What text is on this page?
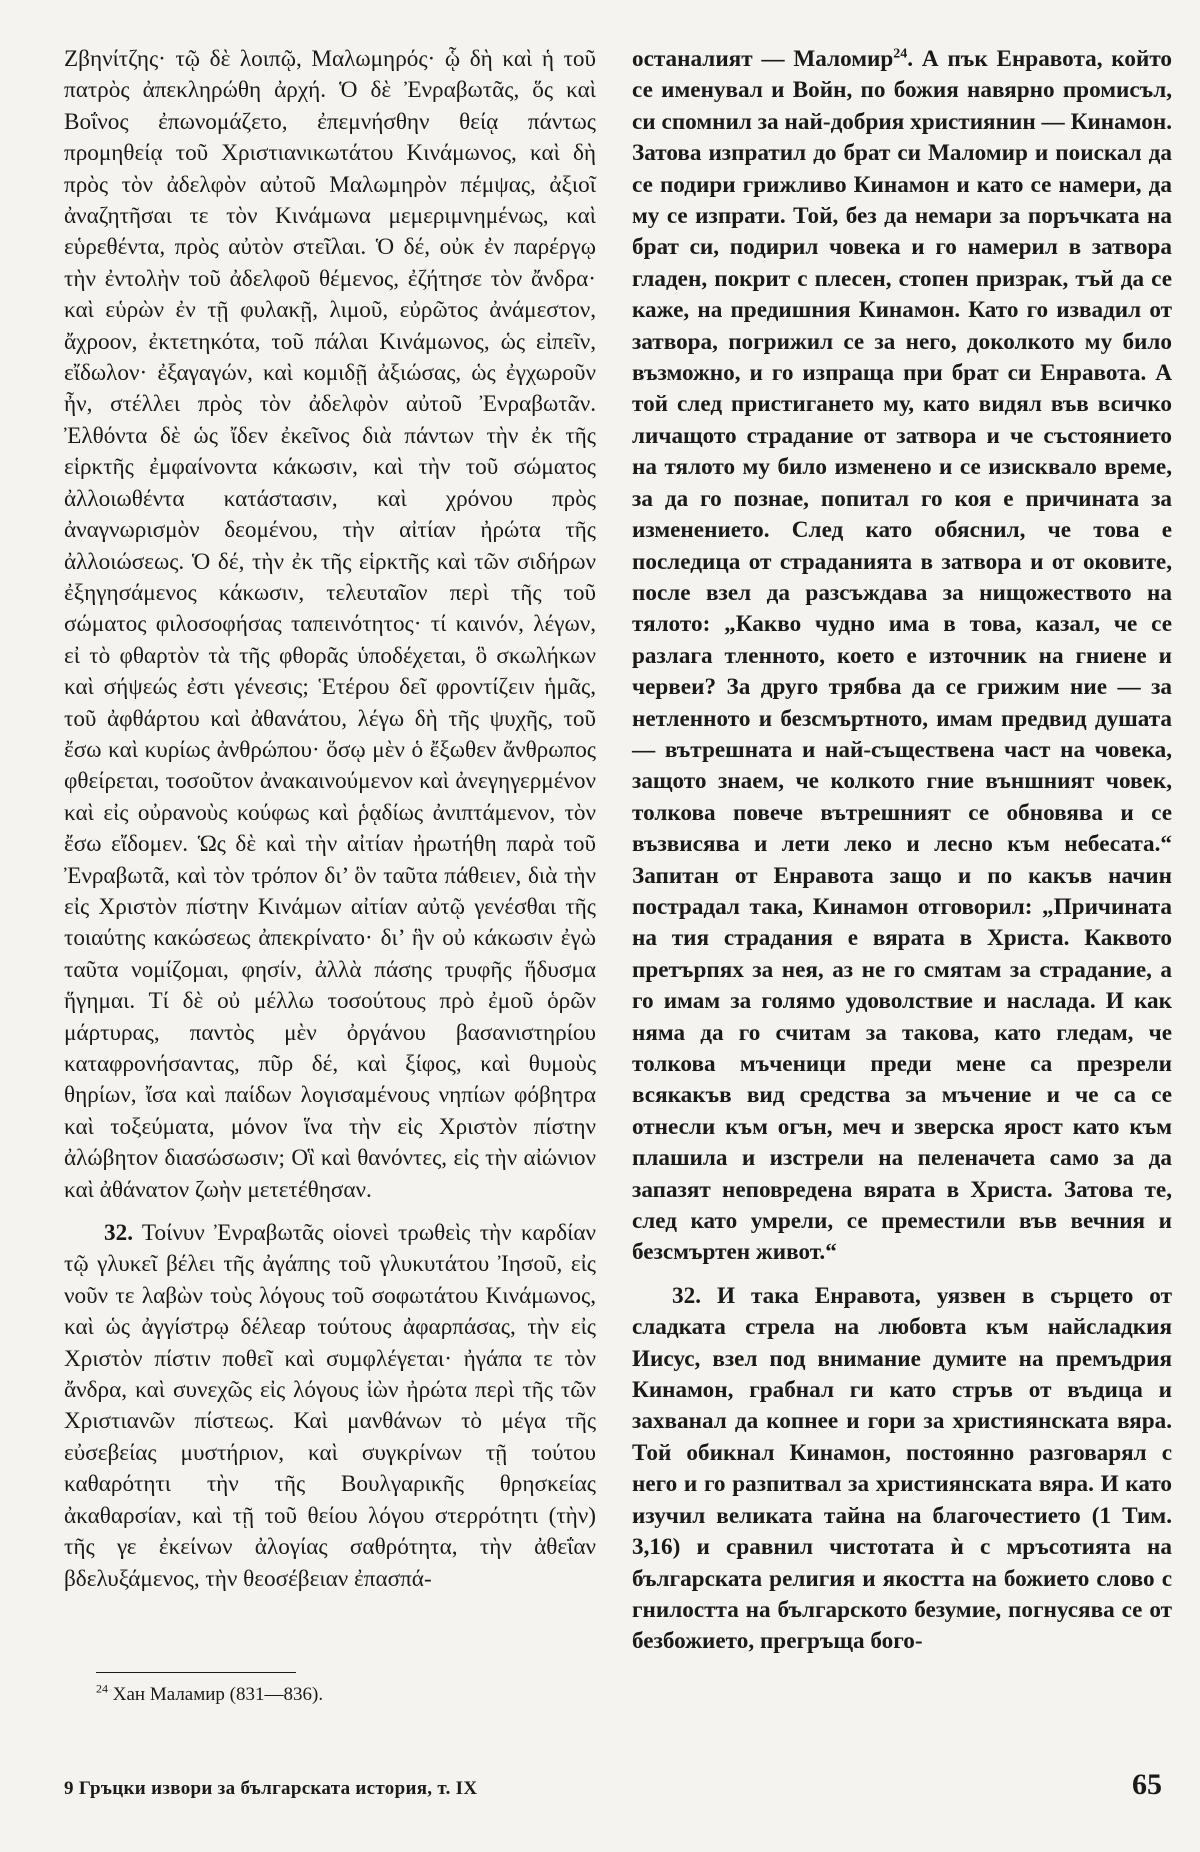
Ζβηνίτζης· τῷ δὲ λοιπῷ, Μαλωμηρός· ᾧ δὴ καὶ ἡ τοῦ πατρὸς ἀπεκληρώθη ἀρχή. Ὁ δὲ Ἐνραβωτᾶς, ὅς καὶ Βοΐνος ἐπωνομάζετο, ἐπεμνήσθην θείᾳ πάντως προμηθείᾳ τοῦ Χριστιανικωτάτου Κινάμωνος, καὶ δὴ πρὸς τὸν ἀδελφὸν αὐτοῦ Μαλωμηρὸν πέμψας, ἀξιοῖ ἀναζητῆσαι τε τὸν Κινάμωνα μεμεριμνημένως, καὶ εὑρεθέντα, πρὸς αὐτὸν στεῖλαι. Ὁ δέ, οὐκ ἐν παρέργῳ τὴν ἐντολὴν τοῦ ἀδελφοῦ θέμενος, ἐζήτησε τὸν ἄνδρα· καὶ εὑρὼν ἐν τῇ φυλακῇ, λιμοῦ, εὐρῶτος ἀνάμεστον, ἄχροον, ἐκτετηκότα, τοῦ πάλαι Κινάμωνος, ὡς εἰπεῖν, εἴδωλον· ἐξαγαγών, καὶ κομιδῇ ἀξιώσας, ὡς ἐγχωροῦν ἦν, στέλλει πρὸς τὸν ἀδελφὸν αὐτοῦ Ἐνραβωτᾶν. Ἐλθόντα δὲ ὡς ἴδεν ἐκεῖνος διὰ πάντων τὴν ἐκ τῆς εἱρκτῆς ἐμφαίνοντα κάκωσιν, καὶ τὴν τοῦ σώματος ἀλλοιωθέντα κατάστασιν, καὶ χρόνου πρὸς ἀναγνωρισμὸν δεομένου, τὴν αἰτίαν ἠρώτα τῆς ἀλλοιώσεως. Ὁ δέ, τὴν ἐκ τῆς εἱρκτῆς καὶ τῶν σιδήρων ἐξηγησάμενος κάκωσιν, τελευταῖον περὶ τῆς τοῦ σώματος φιλοσοφήσας ταπεινότητος· τί καινόν, λέγων, εἰ τὸ φθαρτὸν τὰ τῆς φθορᾶς ὑποδέχεται, ὃ σκωλήκων καὶ σήψεώς ἐστι γένεσις; Ἑτέρου δεῖ φροντίζειν ἡμᾶς, τοῦ ἀφθάρτου καὶ ἀθανάτου, λέγω δὴ τῆς ψυχῆς, τοῦ ἔσω καὶ κυρίως ἀνθρώπου· ὅσῳ μὲν ὁ ἔξωθεν ἄνθρωπος φθείρεται, τοσοῦτον ἀνακαινούμενον καὶ ἀνεγηγερμένον καὶ εἰς οὐρανοὺς κούφως καὶ ῥᾳδίως ἀνιπτάμενον, τὸν ἔσω εἴδομεν. Ὡς δὲ καὶ τὴν αἰτίαν ἠρωτήθη παρὰ τοῦ Ἐνραβωτᾶ, καὶ τὸν τρόπον δι’ ὃν ταῦτα πάθειεν, διὰ τὴν εἰς Χριστὸν πίστην Κινάμων αἰτίαν αὐτῷ γενέσθαι τῆς τοιαύτης κακώσεως ἀπεκρίνατο· δι’ ἣν οὐ κάκωσιν ἐγὼ ταῦτα νομίζομαι, φησίν, ἀλλὰ πάσης τρυφῆς ἥδυσμα ἥγημαι. Τί δὲ οὐ μέλλω τοσούτους πρὸ ἐμοῦ ὁρῶν μάρτυρας, παντὸς μὲν ὀργάνου βασανιστηρίου καταφρονήσαντας, πῦρ δέ, καὶ ξίφος, καὶ θυμοὺς θηρίων, ἴσα καὶ παίδων λογισαμένους νηπίων φόβητρα καὶ τοξεύματα, μόνον ἵνα τὴν εἰς Χριστὸν πίστην ἀλώβητον διασώσωσιν; Οἳ καὶ θανόντες, εἰς τὴν αἰώνιον καὶ ἀθάνατον ζωὴν μετετέθησαν.

32. Τοίνυν Ἐνραβωτᾶς οἱονεὶ τρωθεὶς τὴν καρδίαν τῷ γλυκεῖ βέλει τῆς ἀγάπης τοῦ γλυκυτάτου Ἰησοῦ, εἰς νοῦν τε λαβὼν τοὺς λόγους τοῦ σοφωτάτου Κινάμωνος, καὶ ὡς ἀγγίστρῳ δέλεαρ τούτους ἀφαρπάσας, τὴν εἰς Χριστὸν πίστιν ποθεῖ καὶ συμφλέγεται· ἠγάπα τε τὸν ἄνδρα, καὶ συνεχῶς εἰς λόγους ἰὼν ἠρώτα περὶ τῆς τῶν Χριστιανῶν πίστεως. Καὶ μανθάνων τὸ μέγα τῆς εὐσεβείας μυστήριον, καὶ συγκρίνων τῇ τούτου καθαρότητι τὴν τῆς Βουλγαρικῆς θρησκείας ἀκαθαρσίαν, καὶ τῇ τοῦ θείου λόγου στερρότητι (τὴν) τῆς γε ἐκείνων ἀλογίας σαθρότητα, τὴν ἀθεΐαν βδελυξάμενος, τὴν θεοσέβειαν ἐπασπά-

останалият — Маломир$^{24}$. А пък Енравота, който се именувал и Войн, по божия навярно промисъл, си спомнил за най-добрия християнин — Кинамон. Затова изпратил до брат си Маломир и поискал да се подири грижливо Кинамон и като се намери, да му се изпрати. Той, без да немари за поръчката на брат си, подирил човека и го намерил в затвора гладен, покрит с плесен, стопен призрак, тъй да се каже, на предишния Кинамон. Като го извадил от затвора, погрижил се за него, доколкото му било възможно, и го изпраща при брат си Енравота. А той след пристигането му, като видял във всичко личащото страдание от затвора и че състоянието на тялото му било изменено и се изисквало време, за да го познае, попитал го коя е причината за изменението. След като обяснил, че това е последица от страданията в затвора и от оковите, после взел да разсъждава за нищожеството на тялото: „Какво чудно има в това, казал, че се разлага тленното, което е източник на гниене и червеи? За друго трябва да се грижим ние — за нетленното и безсмъртното, имам предвид душата — вътрешната и най-съществена част на човека, защото знаем, че колкото гние външният човек, толкова повече вътрешният се обновява и се възвисява и лети леко и лесно към небесата.“ Запитан от Енравота защо и по какъв начин пострадал така, Кинамон отговорил: „Причината на тия страдания е вярата в Христа. Каквото претърпях за нея, аз не го смятам за страдание, а го имам за голямо удоволствие и наслада. И как няма да го считам за такова, като гледам, че толкова мъченици преди мене са презрели всякакъв вид средства за мъчение и че са се отнесли към огън, меч и зверска ярост като към плашила и изстрели на пеленачета само за да запазят неповредена вярата в Христа. Затова те, след като умрели, се преместили във вечния и безсмъртен живот.“

32. И така Енравота, уязвен в сърцето от сладката стрела на любовта към найсладкия Иисус, взел под внимание думите на премъдрия Кинамон, грабнал ги като стръв от въдица и захванал да копнее и гори за християнската вяра. Той обикнал Кинамон, постоянно разговарял с него и го разпитвал за християнската вяра. И като изучил великата тайна на благочестието (1 Тим. 3,16) и сравнил чистотата ѝ с мръсотията на българската религия и якостта на божието слово с гнилостта на българското безумие, погнусява се от безбожието, прегръща бого-

$^{24}$ Хан Маламир (831—836).
9 Гръцки извори за българската история, т. IX	65
